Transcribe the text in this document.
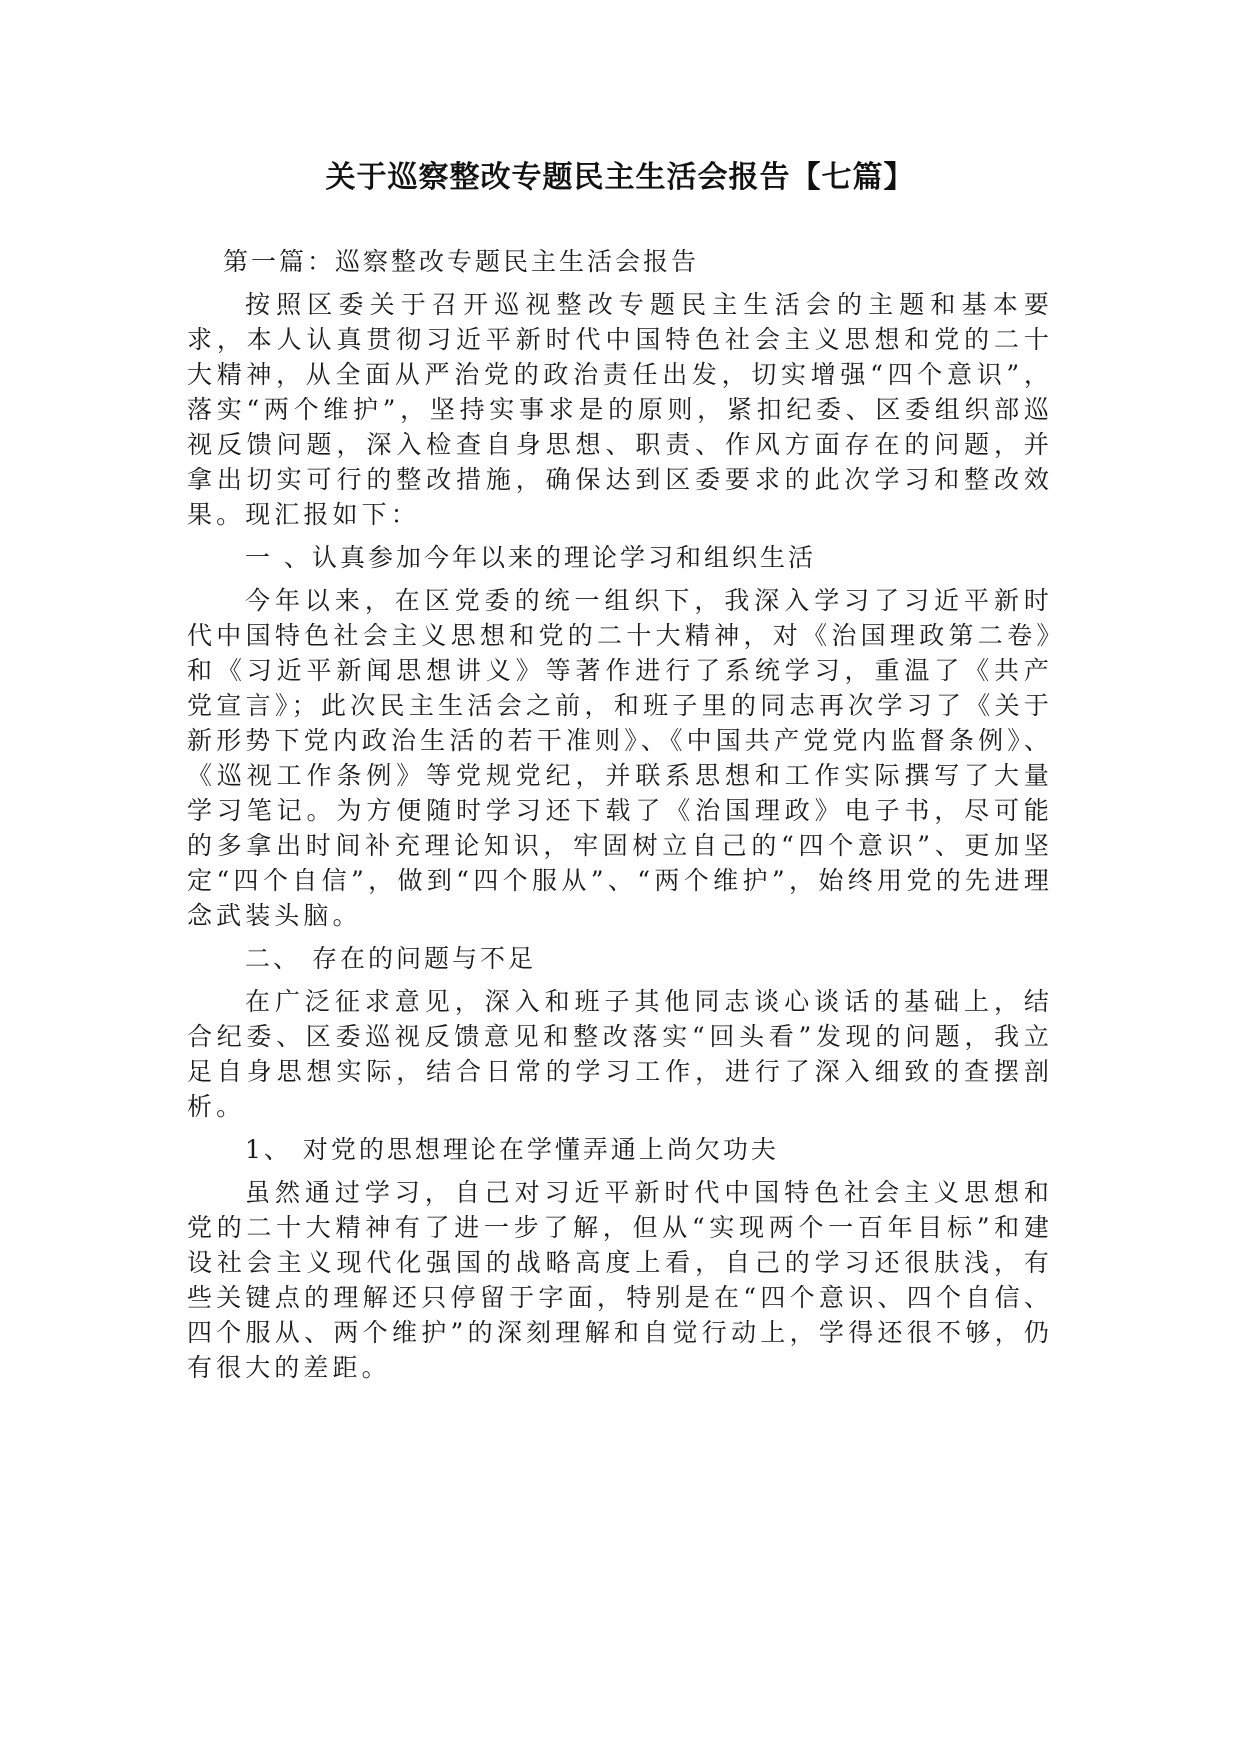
关于巡察整改专题民主生活会报告【七篇】
第一篇：巡察整改专题民主生活会报告

按照区委关于召开巡视整改专题民主生活会的主题和基本要求，本人认真贯彻习近平新时代中国特色社会主义思想和党的二十大精神，从全面从严治党的政治责任出发，切实增强“四个意识”，落实“两个维护”，坚持实事求是的原则，紧扣纪委、区委组织部巡视反馈问题，深入检查自身思想、职责、作风方面存在的问题，并拿出切实可行的整改措施，确保达到区委要求的此次学习和整改效果。现汇报如下：

一 、认真参加今年以来的理论学习和组织生活

今年以来，在区党委的统一组织下，我深入学习了习近平新时代中国特色社会主义思想和党的二十大精神，对《治国理政第二卷》和《习近平新闻思想讲义》等著作进行了系统学习，重温了《共产党宣言》；此次民主生活会之前，和班子里的同志再次学习了《关于新形势下党内政治生活的若干准则》、《中国共产党党内监督条例》、《巡视工作条例》等党规党纪，并联系思想和工作实际撰写了大量学习笔记。为方便随时学习还下载了《治国理政》电子书，尽可能的多拿出时间补充理论知识，牢固树立自己的“四个意识”、更加坚定“四个自信”，做到“四个服从”、“两个维护”，始终用党的先进理念武装头脑。

二、 存在的问题与不足

在广泛征求意见，深入和班子其他同志谈心谈话的基础上，结合纪委、区委巡视反馈意见和整改落实“回头看”发现的问题，我立足自身思想实际，结合日常的学习工作，进行了深入细致的查摆剖析。

1、 对党的思想理论在学懂弄通上尚欠功夫

虽然通过学习，自己对习近平新时代中国特色社会主义思想和党的二十大精神有了进一步了解，但从“实现两个一百年目标”和建设社会主义现代化强国的战略高度上看，自己的学习还很肤浅，有些关键点的理解还只停留于字面，特别是在“四个意识、四个自信、四个服从、两个维护”的深刻理解和自觉行动上，学得还很不够，仍有很大的差距。
